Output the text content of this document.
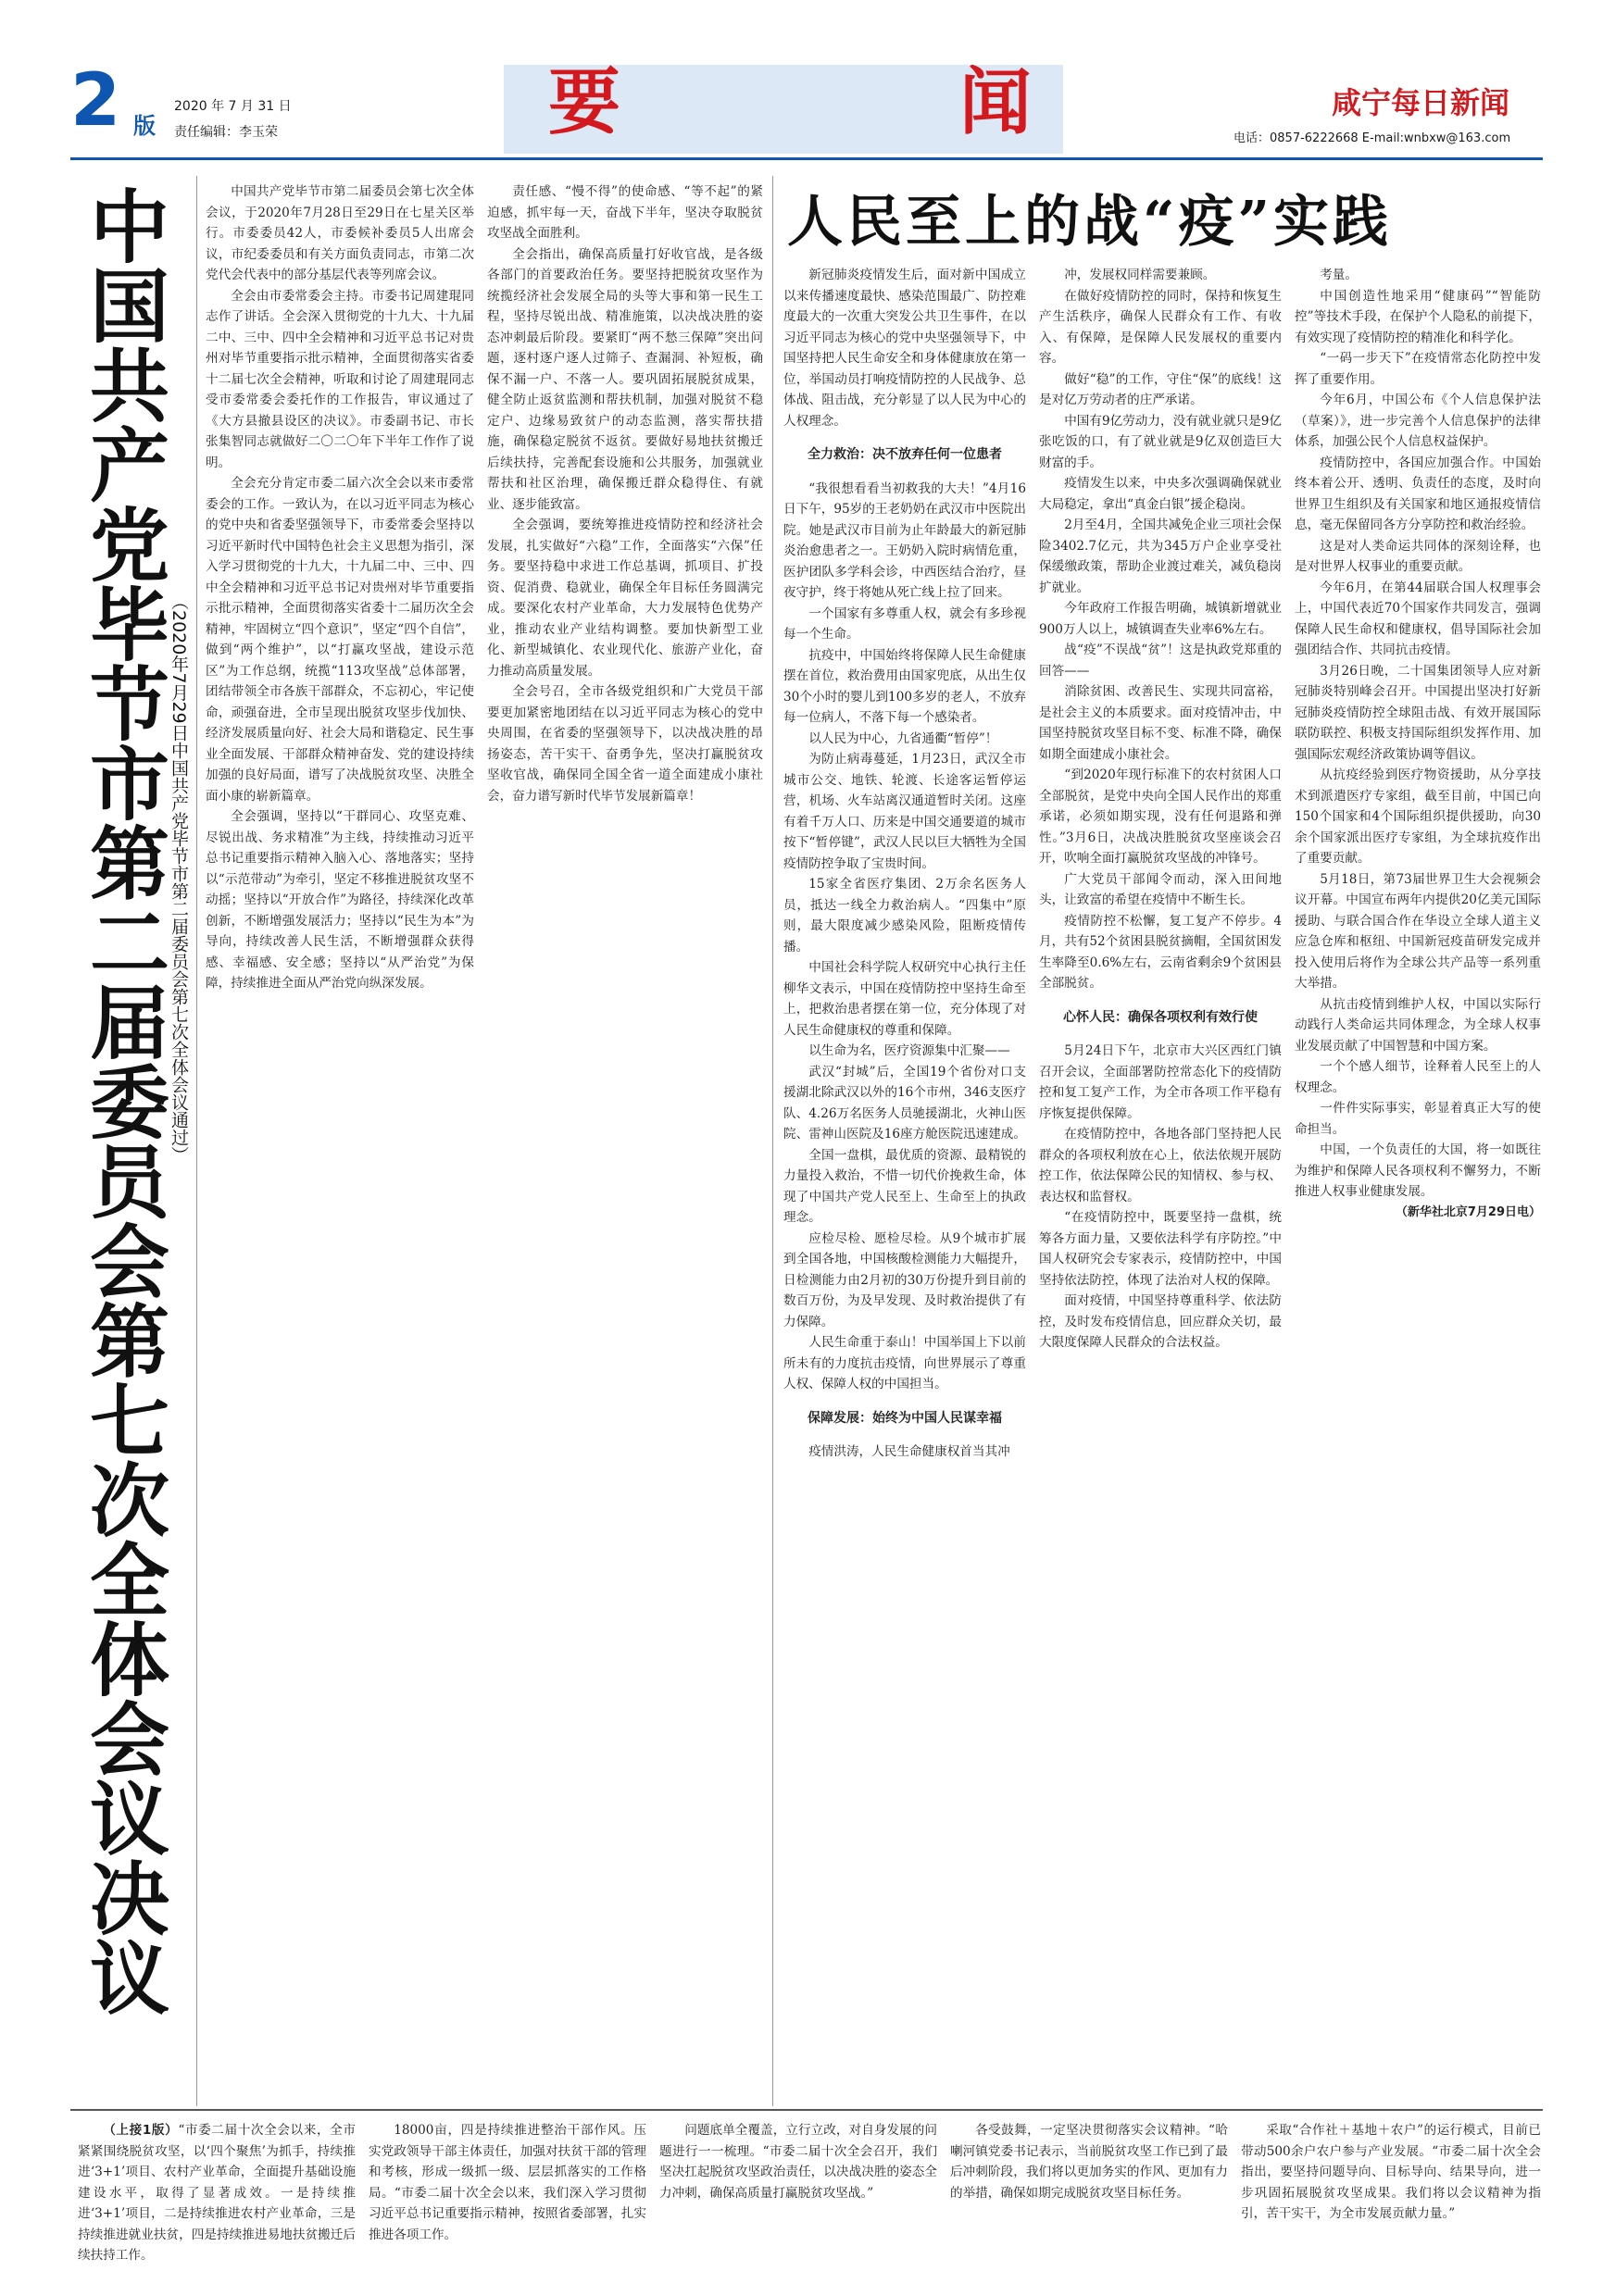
2 版
2020 年 7 月 31 日
责任编辑：李玉荣	要	闻	咸宁每日新闻
电话：0857-6222668 E-mail:wnbxw@163.com
中国共产党毕节市第二届委员会第七次全体会议决议 （2020年7月29日中国共产党毕节市第二届委员会第七次全体会议通过）

中国共产党毕节市第二届委员会第七次全体会议，于2020年7月28日至29日在七星关区举行。市委委员42人，市委候补委员5人出席会议，市纪委委员和有关方面负责同志，市第二次党代会代表中的部分基层代表等列席会议。

全会由市委常委会主持。市委书记周建琨同志作了讲话。全会深入贯彻党的十九大、十九届二中、三中、四中全会精神和习近平总书记对贵州对毕节重要指示批示精神，全面贯彻落实省委十二届七次全会精神，听取和讨论了周建琨同志受市委常委会委托作的工作报告，审议通过了《大方县撤县设区的决议》。市委副书记、市长张集智同志就做好二〇二〇年下半年工作作了说明。

全会充分肯定市委二届六次全会以来市委常委会的工作。一致认为，在以习近平同志为核心的党中央和省委坚强领导下，市委常委会坚持以习近平新时代中国特色社会主义思想为指引，深入学习贯彻党的十九大，十九届二中、三中、四中全会精神和习近平总书记对贵州对毕节重要指示批示精神，全面贯彻落实省委十二届历次全会精神，牢固树立“四个意识”，坚定“四个自信”，做到“两个维护”，以“打赢攻坚战，建设示范区”为工作总纲，统揽“113攻坚战”总体部署，团结带领全市各族干部群众，不忘初心，牢记使命，顽强奋进，全市呈现出脱贫攻坚步伐加快、经济发展质量向好、社会大局和谐稳定、民生事业全面发展、干部群众精神奋发、党的建设持续加强的良好局面，谱写了决战脱贫攻坚、决胜全面小康的崭新篇章。

全会强调，坚持以“干群同心、攻坚克难、尽锐出战、务求精准”为主线，持续推动习近平总书记重要指示精神入脑入心、落地落实；坚持以“示范带动”为牵引，坚定不移推进脱贫攻坚不动摇；坚持以“开放合作”为路径，持续深化改革创新，不断增强发展活力；坚持以“民生为本”为导向，持续改善人民生活，不断增强群众获得感、幸福感、安全感；坚持以“从严治党”为保障，持续推进全面从严治党向纵深发展。

责任感、“慢不得”的使命感、“等不起”的紧迫感，抓牢每一天，奋战下半年，坚决夺取脱贫攻坚战全面胜利。

全会指出，确保高质量打好收官战，是各级各部门的首要政治任务。要坚持把脱贫攻坚作为统揽经济社会发展全局的头等大事和第一民生工程，坚持尽锐出战、精准施策，以决战决胜的姿态冲刺最后阶段。要紧盯“两不愁三保障”突出问题，逐村逐户逐人过筛子、查漏洞、补短板，确保不漏一户、不落一人。要巩固拓展脱贫成果，健全防止返贫监测和帮扶机制，加强对脱贫不稳定户、边缘易致贫户的动态监测，落实帮扶措施，确保稳定脱贫不返贫。要做好易地扶贫搬迁后续扶持，完善配套设施和公共服务，加强就业帮扶和社区治理，确保搬迁群众稳得住、有就业、逐步能致富。

全会强调，要统筹推进疫情防控和经济社会发展，扎实做好“六稳”工作，全面落实“六保”任务。要坚持稳中求进工作总基调，抓项目、扩投资、促消费、稳就业，确保全年目标任务圆满完成。要深化农村产业革命，大力发展特色优势产业，推动农业产业结构调整。要加快新型工业化、新型城镇化、农业现代化、旅游产业化，奋力推动高质量发展。

全会号召，全市各级党组织和广大党员干部要更加紧密地团结在以习近平同志为核心的党中央周围，在省委的坚强领导下，以决战决胜的昂扬姿态，苦干实干、奋勇争先，坚决打赢脱贫攻坚收官战，确保同全国全省一道全面建成小康社会，奋力谱写新时代毕节发展新篇章！

人民至上的战“疫”实践

新冠肺炎疫情发生后，面对新中国成立以来传播速度最快、感染范围最广、防控难度最大的一次重大突发公共卫生事件，在以习近平同志为核心的党中央坚强领导下，中国坚持把人民生命安全和身体健康放在第一位，举国动员打响疫情防控的人民战争、总体战、阻击战，充分彰显了以人民为中心的人权理念。

全力救治：决不放弃任何一位患者

“我很想看看当初救我的大夫！”4月16日下午，95岁的王老奶奶在武汉市中医院出院。她是武汉市目前为止年龄最大的新冠肺炎治愈患者之一。王奶奶入院时病情危重，医护团队多学科会诊，中西医结合治疗，昼夜守护，终于将她从死亡线上拉了回来。

一个国家有多尊重人权，就会有多珍视每一个生命。

抗疫中，中国始终将保障人民生命健康摆在首位，救治费用由国家兜底，从出生仅30个小时的婴儿到100多岁的老人，不放弃每一位病人，不落下每一个感染者。

以人民为中心，九省通衢“暂停”！

为防止病毒蔓延，1月23日，武汉全市城市公交、地铁、轮渡、长途客运暂停运营，机场、火车站离汉通道暂时关闭。这座有着千万人口、历来是中国交通要道的城市按下“暂停键”，武汉人民以巨大牺牲为全国疫情防控争取了宝贵时间。

15家全省医疗集团、2万余名医务人员，抵达一线全力救治病人。“四集中”原则，最大限度减少感染风险，阻断疫情传播。

中国社会科学院人权研究中心执行主任柳华文表示，中国在疫情防控中坚持生命至上，把救治患者摆在第一位，充分体现了对人民生命健康权的尊重和保障。

以生命为名，医疗资源集中汇聚——

武汉“封城”后，全国19个省份对口支援湖北除武汉以外的16个市州，346支医疗队、4.26万名医务人员驰援湖北，火神山医院、雷神山医院及16座方舱医院迅速建成。

全国一盘棋，最优质的资源、最精锐的力量投入救治，不惜一切代价挽救生命，体现了中国共产党人民至上、生命至上的执政理念。

应检尽检、愿检尽检。从9个城市扩展到全国各地，中国核酸检测能力大幅提升，日检测能力由2月初的30万份提升到目前的数百万份，为及早发现、及时救治提供了有力保障。

人民生命重于泰山！中国举国上下以前所未有的力度抗击疫情，向世界展示了尊重人权、保障人权的中国担当。

保障发展：始终为中国人民谋幸福

疫情洪涛，人民生命健康权首当其冲

冲，发展权同样需要兼顾。

在做好疫情防控的同时，保持和恢复生产生活秩序，确保人民群众有工作、有收入、有保障，是保障人民发展权的重要内容。

做好“稳”的工作，守住“保”的底线！这是对亿万劳动者的庄严承诺。

中国有9亿劳动力，没有就业就只是9亿张吃饭的口，有了就业就是9亿双创造巨大财富的手。

疫情发生以来，中央多次强调确保就业大局稳定，拿出“真金白银”援企稳岗。

2月至4月，全国共减免企业三项社会保险3402.7亿元，共为345万户企业享受社保缓缴政策，帮助企业渡过难关，减负稳岗扩就业。

今年政府工作报告明确，城镇新增就业900万人以上，城镇调查失业率6%左右。

战“疫”不误战“贫”！这是执政党郑重的回答——

消除贫困、改善民生、实现共同富裕，是社会主义的本质要求。面对疫情冲击，中国坚持脱贫攻坚目标不变、标准不降，确保如期全面建成小康社会。

“到2020年现行标准下的农村贫困人口全部脱贫，是党中央向全国人民作出的郑重承诺，必须如期实现，没有任何退路和弹性。”3月6日，决战决胜脱贫攻坚座谈会召开，吹响全面打赢脱贫攻坚战的冲锋号。

广大党员干部闻令而动，深入田间地头，让致富的希望在疫情中不断生长。

疫情防控不松懈，复工复产不停步。4月，共有52个贫困县脱贫摘帽，全国贫困发生率降至0.6%左右，云南省剩余9个贫困县全部脱贫。

心怀人民：确保各项权利有效行使

5月24日下午，北京市大兴区西红门镇召开会议，全面部署防控常态化下的疫情防控和复工复产工作，为全市各项工作平稳有序恢复提供保障。

在疫情防控中，各地各部门坚持把人民群众的各项权利放在心上，依法依规开展防控工作，依法保障公民的知情权、参与权、表达权和监督权。

“在疫情防控中，既要坚持一盘棋，统筹各方面力量，又要依法科学有序防控。”中国人权研究会专家表示，疫情防控中，中国坚持依法防控，体现了法治对人权的保障。

面对疫情，中国坚持尊重科学、依法防控，及时发布疫情信息，回应群众关切，最大限度保障人民群众的合法权益。

考量。

中国创造性地采用“健康码”“智能防控”等技术手段，在保护个人隐私的前提下，有效实现了疫情防控的精准化和科学化。

“一码一步天下”在疫情常态化防控中发挥了重要作用。

今年6月，中国公布《个人信息保护法（草案）》，进一步完善个人信息保护的法律体系，加强公民个人信息权益保护。

疫情防控中，各国应加强合作。中国始终本着公开、透明、负责任的态度，及时向世界卫生组织及有关国家和地区通报疫情信息，毫无保留同各方分享防控和救治经验。

这是对人类命运共同体的深刻诠释，也是对世界人权事业的重要贡献。

今年6月，在第44届联合国人权理事会上，中国代表近70个国家作共同发言，强调保障人民生命权和健康权，倡导国际社会加强团结合作、共同抗击疫情。

3月26日晚，二十国集团领导人应对新冠肺炎特别峰会召开。中国提出坚决打好新冠肺炎疫情防控全球阻击战、有效开展国际联防联控、积极支持国际组织发挥作用、加强国际宏观经济政策协调等倡议。

从抗疫经验到医疗物资援助，从分享技术到派遣医疗专家组，截至目前，中国已向150个国家和4个国际组织提供援助，向30余个国家派出医疗专家组，为全球抗疫作出了重要贡献。

5月18日，第73届世界卫生大会视频会议开幕。中国宣布两年内提供20亿美元国际援助、与联合国合作在华设立全球人道主义应急仓库和枢纽、中国新冠疫苗研发完成并投入使用后将作为全球公共产品等一系列重大举措。

从抗击疫情到维护人权，中国以实际行动践行人类命运共同体理念，为全球人权事业发展贡献了中国智慧和中国方案。

一个个感人细节，诠释着人民至上的人权理念。

一件件实际事实，彰显着真正大写的使命担当。

中国，一个负责任的大国，将一如既往为维护和保障人民各项权利不懈努力，不断推进人权事业健康发展。

（新华社北京7月29日电）

（上接1版）“市委二届十次全会以来，全市紧紧围绕脱贫攻坚，以‘四个聚焦’为抓手，持续推进‘3+1’项目、农村产业革命，全面提升基础设施建设水平，取得了显著成效。一是持续推进‘3+1’项目，二是持续推进农村产业革命，三是持续推进就业扶贫，四是持续推进易地扶贫搬迁后续扶持工作。

18000亩，四是持续推进整治干部作风。压实党政领导干部主体责任，加强对扶贫干部的管理和考核，形成一级抓一级、层层抓落实的工作格局。“市委二届十次全会以来，我们深入学习贯彻习近平总书记重要指示精神，按照省委部署，扎实推进各项工作。

问题底单全覆盖，立行立改，对自身发展的问题进行一一梳理。“市委二届十次全会召开，我们坚决扛起脱贫攻坚政治责任，以决战决胜的姿态全力冲刺，确保高质量打赢脱贫攻坚战。”

各受鼓舞，一定坚决贯彻落实会议精神。“哈喇河镇党委书记表示，当前脱贫攻坚工作已到了最后冲刺阶段，我们将以更加务实的作风、更加有力的举措，确保如期完成脱贫攻坚目标任务。

采取“合作社＋基地＋农户”的运行模式，目前已带动500余户农户参与产业发展。“市委二届十次全会指出，要坚持问题导向、目标导向、结果导向，进一步巩固拓展脱贫攻坚成果。我们将以会议精神为指引，苦干实干，为全市发展贡献力量。”
